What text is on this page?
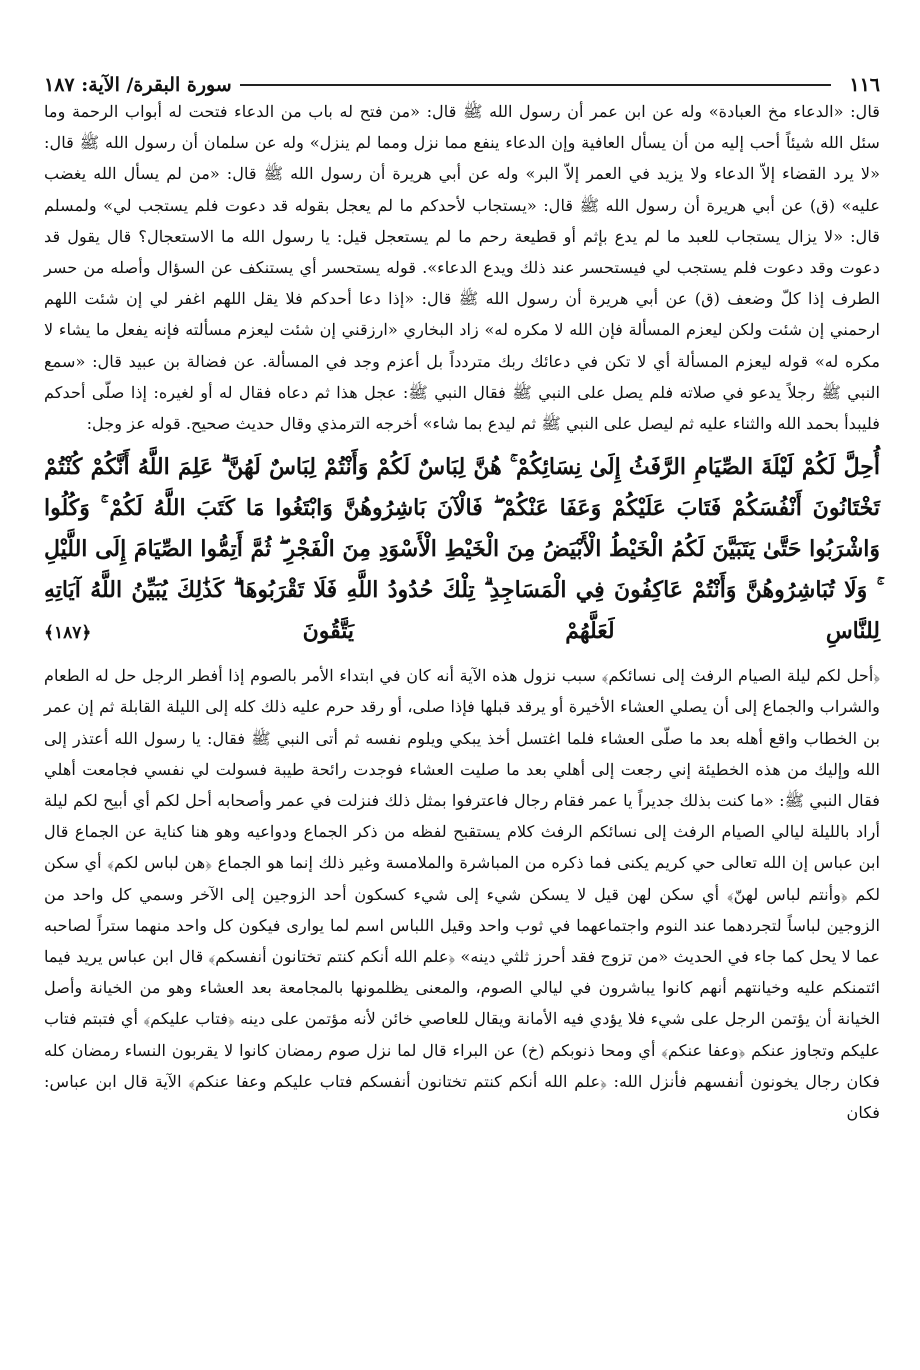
١١٦
سورة البقرة/ الآية: ١٨٧

قال: «الدعاء مخ العبادة» وله عن ابن عمر أن رسول الله ﷺ قال: «من فتح له باب من الدعاء فتحت له أبواب الرحمة وما سئل الله شيئاً أحب إليه من أن يسأل العافية وإن الدعاء ينفع مما نزل ومما لم ينزل» وله عن سلمان أن رسول الله ﷺ قال: «لا يرد القضاء إلاّ الدعاء ولا يزيد في العمر إلاّ البر» وله عن أبي هريرة أن رسول الله ﷺ قال: «من لم يسأل الله يغضب عليه» (ق) عن أبي هريرة أن رسول الله ﷺ قال: «يستجاب لأحدكم ما لم يعجل بقوله قد دعوت فلم يستجب لي» ولمسلم قال: «لا يزال يستجاب للعبد ما لم يدع بإثم أو قطيعة رحم ما لم يستعجل قيل: يا رسول الله ما الاستعجال؟ قال يقول قد دعوت وقد دعوت فلم يستجب لي فيستحسر عند ذلك ويدع الدعاء». قوله يستحسر أي يستنكف عن السؤال وأصله من حسر الطرف إذا كلّ وضعف (ق) عن أبي هريرة أن رسول الله ﷺ قال: «إذا دعا أحدكم فلا يقل اللهم اغفر لي إن شئت اللهم ارحمني إن شئت ولكن ليعزم المسألة فإن الله لا مكره له» زاد البخاري «ارزقني إن شئت ليعزم مسألته فإنه يفعل ما يشاء لا مكره له» قوله ليعزم المسألة أي لا تكن في دعائك ربك متردداً بل أعزم وجد في المسألة. عن فضالة بن عبيد قال: «سمع النبي ﷺ رجلاً يدعو في صلاته فلم يصل على النبي ﷺ فقال النبي ﷺ: عجل هذا ثم دعاه فقال له أو لغيره: إذا صلّى أحدكم فليبدأ بحمد الله والثناء عليه ثم ليصل على النبي ﷺ ثم ليدع بما شاء» أخرجه الترمذي وقال حديث صحيح. قوله عز وجل:

أُحِلَّ لَكُمْ لَيْلَةَ الصِّيَامِ الرَّفَثُ إِلَىٰ نِسَائِكُمْ ۚ هُنَّ لِبَاسٌ لَكُمْ وَأَنْتُمْ لِبَاسٌ لَهُنَّ ۗ عَلِمَ اللَّهُ أَنَّكُمْ كُنْتُمْ تَخْتَانُونَ أَنْفُسَكُمْ فَتَابَ عَلَيْكُمْ وَعَفَا عَنْكُمْ ۖ فَالْآنَ بَاشِرُوهُنَّ وَابْتَغُوا مَا كَتَبَ اللَّهُ لَكُمْ ۚ وَكُلُوا وَاشْرَبُوا حَتَّىٰ يَتَبَيَّنَ لَكُمُ الْخَيْطُ الْأَبْيَضُ مِنَ الْخَيْطِ الْأَسْوَدِ مِنَ الْفَجْرِ ۖ ثُمَّ أَتِمُّوا الصِّيَامَ إِلَى اللَّيْلِ ۚ وَلَا تُبَاشِرُوهُنَّ وَأَنْتُمْ عَاكِفُونَ فِي الْمَسَاجِدِ ۗ تِلْكَ حُدُودُ اللَّهِ فَلَا تَقْرَبُوهَا ۗ كَذَٰلِكَ يُبَيِّنُ اللَّهُ آيَاتِهِ لِلنَّاسِ لَعَلَّهُمْ يَتَّقُونَ ﴿١٨٧﴾

﴿أحل لكم ليلة الصيام الرفث إلى نسائكم﴾ سبب نزول هذه الآية أنه كان في ابتداء الأمر بالصوم إذا أفطر الرجل حل له الطعام والشراب والجماع إلى أن يصلي العشاء الأخيرة أو يرقد قبلها فإذا صلى، أو رقد حرم عليه ذلك كله إلى الليلة القابلة ثم إن عمر بن الخطاب واقع أهله بعد ما صلّى العشاء فلما اغتسل أخذ يبكي ويلوم نفسه ثم أتى النبي ﷺ فقال: يا رسول الله أعتذر إلى الله وإليك من هذه الخطيئة إني رجعت إلى أهلي بعد ما صليت العشاء فوجدت رائحة طيبة فسولت لي نفسي فجامعت أهلي فقال النبي ﷺ: «ما كنت بذلك جديراً يا عمر فقام رجال فاعترفوا بمثل ذلك فنزلت في عمر وأصحابه أحل لكم أي أبيح لكم ليلة أراد بالليلة ليالي الصيام الرفث إلى نسائكم الرفث كلام يستقبح لفظه من ذكر الجماع ودواعيه وهو هنا كناية عن الجماع قال ابن عباس إن الله تعالى حي كريم يكنى فما ذكره من المباشرة والملامسة وغير ذلك إنما هو الجماع ﴿هن لباس لكم﴾ أي سكن لكم ﴿وأنتم لباس لهنّ﴾ أي سكن لهن قيل لا يسكن شيء إلى شيء كسكون أحد الزوجين إلى الآخر وسمي كل واحد من الزوجين لباساً لتجردهما عند النوم واجتماعهما في ثوب واحد وقيل اللباس اسم لما يوارى فيكون كل واحد منهما ستراً لصاحبه عما لا يحل كما جاء في الحديث «من تزوج فقد أحرز ثلثي دينه» ﴿علم الله أنكم كنتم تختانون أنفسكم﴾ قال ابن عباس يريد فيما ائتمنكم عليه وخيانتهم أنهم كانوا يباشرون في ليالي الصوم، والمعنى يظلمونها بالمجامعة بعد العشاء وهو من الخيانة وأصل الخيانة أن يؤتمن الرجل على شيء فلا يؤدي فيه الأمانة ويقال للعاصي خائن لأنه مؤتمن على دينه ﴿فتاب عليكم﴾ أي فتبتم فتاب عليكم وتجاوز عنكم ﴿وعفا عنكم﴾ أي ومحا ذنوبكم (خ) عن البراء قال لما نزل صوم رمضان كانوا لا يقربون النساء رمضان كله فكان رجال يخونون أنفسهم فأنزل الله: ﴿علم الله أنكم كنتم تختانون أنفسكم فتاب عليكم وعفا عنكم﴾ الآية قال ابن عباس: فكان
